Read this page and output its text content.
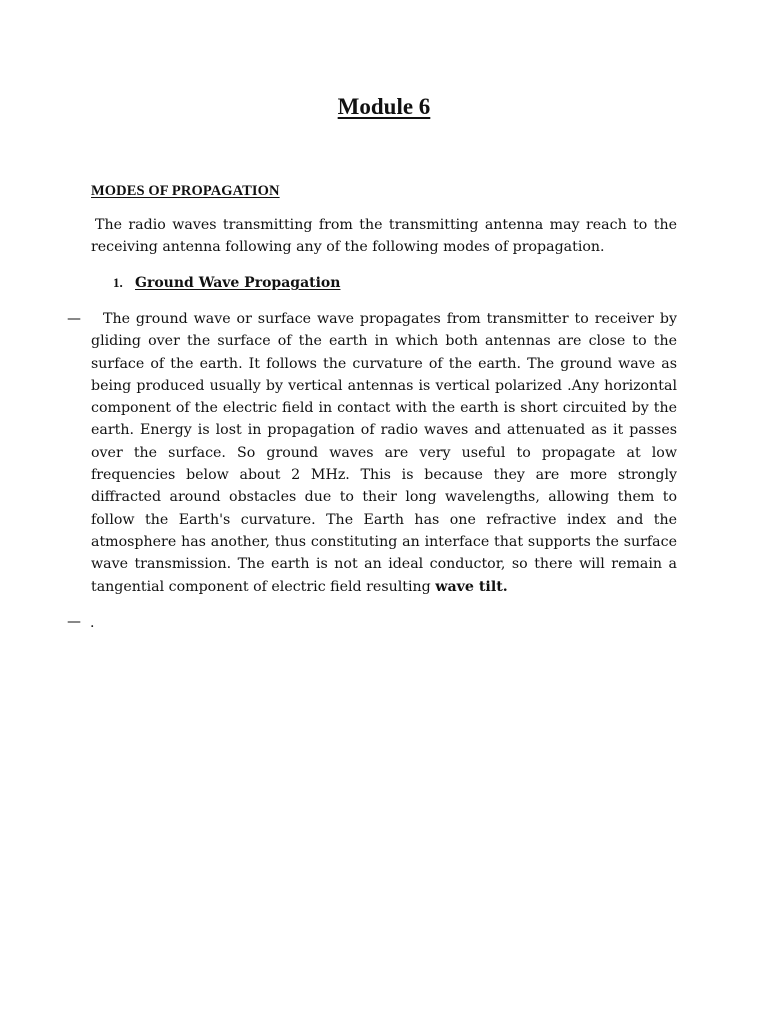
Module 6
MODES OF PROPAGATION

The radio waves transmitting from the transmitting antenna may reach to the receiving antenna following any of the following modes of propagation.

1. Ground Wave Propagation
—	The ground wave or surface wave propagates from transmitter to receiver by gliding over the surface of the earth in which both antennas are close to the surface of the earth. It follows the curvature of the earth. The ground wave as being produced usually by vertical antennas is vertical polarized .Any horizontal component of the electric field in contact with the earth is short circuited by the earth. Energy is lost in propagation of radio waves and attenuated as it passes over the surface. So ground waves are very useful to propagate at low frequencies below about 2 MHz. This is because they are more strongly diffracted around obstacles due to their long wavelengths, allowing them to follow the Earth's curvature. The Earth has one refractive index and the atmosphere has another, thus constituting an interface that supports the surface wave transmission. The earth is not an ideal conductor, so there will remain a tangential component of electric field resulting wave tilt.

— .
